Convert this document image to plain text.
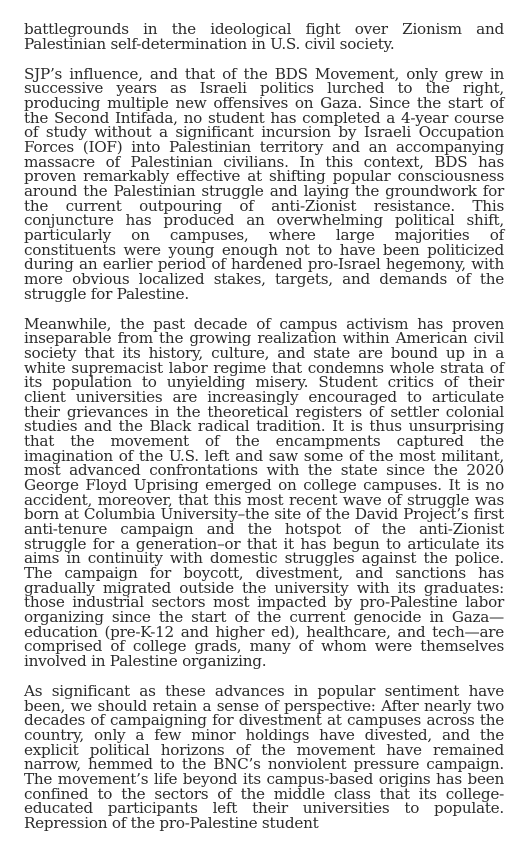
battlegrounds in the ideological fight over Zionism and Palestinian self-determination in U.S. civil society.

SJP’s influence, and that of the BDS Movement, only grew in successive years as Israeli politics lurched to the right, producing multiple new offensives on Gaza. Since the start of the Second Intifada, no student has completed a 4-year course of study without a significant incursion by Israeli Occupation Forces (IOF) into Palestinian territory and an accompanying massacre of Palestinian civilians. In this context, BDS has proven remarkably effective at shifting popular consciousness around the Palestinian struggle and laying the groundwork for the current outpouring of anti-Zionist resistance. This conjuncture has produced an overwhelming political shift, particularly on campuses, where large majorities of constituents were young enough not to have been politicized during an earlier period of hardened pro-Israel hegemony, with more obvious localized stakes, targets, and demands of the struggle for Palestine.

Meanwhile, the past decade of campus activism has proven inseparable from the growing realization within American civil society that its history, culture, and state are bound up in a white supremacist labor regime that condemns whole strata of its population to unyielding misery. Student critics of their client universities are increasingly encouraged to articulate their grievances in the theoretical registers of settler colonial studies and the Black radical tradition. It is thus unsurprising that the movement of the encampments captured the imagination of the U.S. left and saw some of the most militant, most advanced confrontations with the state since the 2020 George Floyd Uprising emerged on college campuses. It is no accident, moreover, that this most recent wave of struggle was born at Columbia University–the site of the David Project’s first anti-tenure campaign and the hotspot of the anti-Zionist struggle for a generation–or that it has begun to articulate its aims in continuity with domestic struggles against the police. The campaign for boycott, divestment, and sanctions has gradually migrated outside the university with its graduates: those industrial sectors most impacted by pro-Palestine labor organizing since the start of the current genocide in Gaza—education (pre-K-12 and higher ed), healthcare, and tech—are comprised of college grads, many of whom were themselves involved in Palestine organizing.

As significant as these advances in popular sentiment have been, we should retain a sense of perspective: After nearly two decades of campaigning for divestment at campuses across the country, only a few minor holdings have divested, and the explicit political horizons of the movement have remained narrow, hemmed to the BNC’s nonviolent pressure campaign. The movement’s life beyond its campus-based origins has been confined to the sectors of the middle class that its college-educated participants left their universities to populate. Repression of the pro-Palestine student
